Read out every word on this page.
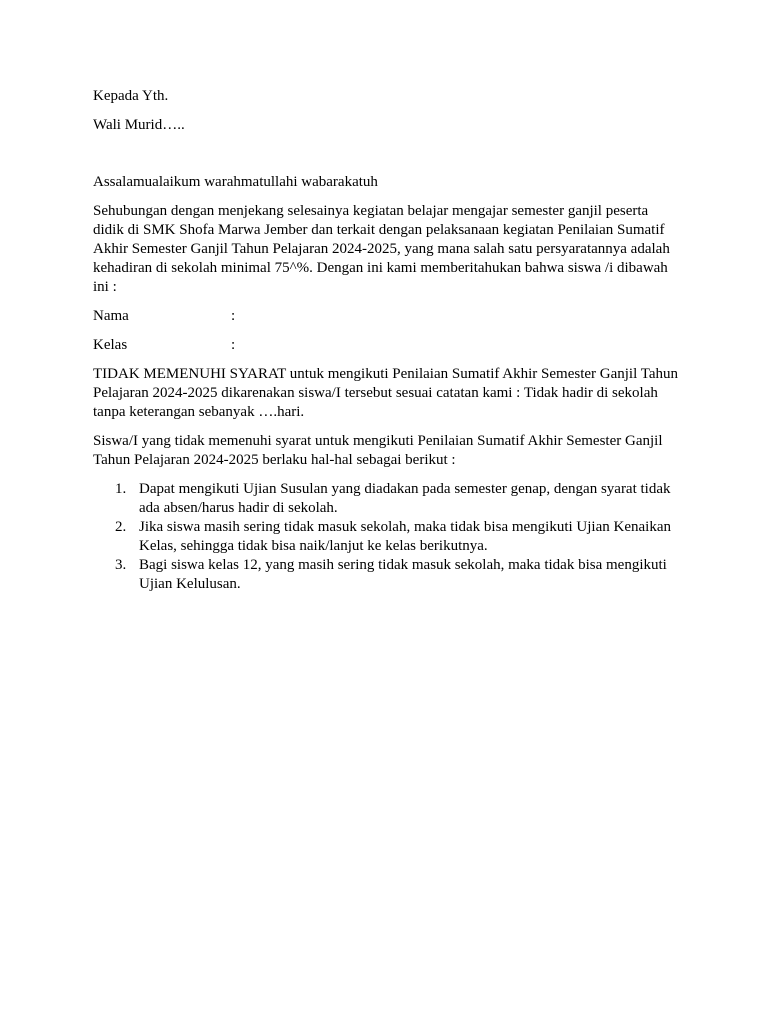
Kepada Yth.

Wali Murid…..

Assalamualaikum warahmatullahi wabarakatuh

Sehubungan dengan menjekang selesainya kegiatan belajar mengajar semester ganjil peserta didik di SMK Shofa Marwa Jember dan terkait dengan pelaksanaan kegiatan Penilaian Sumatif Akhir Semester Ganjil Tahun Pelajaran 2024-2025, yang mana salah satu persyaratannya adalah kehadiran di sekolah minimal 75^%. Dengan ini kami memberitahukan bahwa siswa /i dibawah ini :

Nama	:
Kelas	:

TIDAK MEMENUHI SYARAT untuk mengikuti Penilaian Sumatif Akhir Semester Ganjil Tahun Pelajaran 2024-2025 dikarenakan siswa/I tersebut sesuai catatan kami : Tidak hadir di sekolah tanpa keterangan sebanyak ….hari.

Siswa/I yang tidak memenuhi syarat untuk mengikuti Penilaian Sumatif Akhir Semester Ganjil Tahun Pelajaran 2024-2025 berlaku hal-hal sebagai berikut :

1. Dapat mengikuti Ujian Susulan yang diadakan pada semester genap, dengan syarat tidak ada absen/harus hadir di sekolah.
2. Jika siswa masih sering tidak masuk sekolah, maka tidak bisa mengikuti Ujian Kenaikan Kelas, sehingga tidak bisa naik/lanjut ke kelas berikutnya.
3. Bagi siswa kelas 12, yang masih sering tidak masuk sekolah, maka tidak bisa mengikuti Ujian Kelulusan.
